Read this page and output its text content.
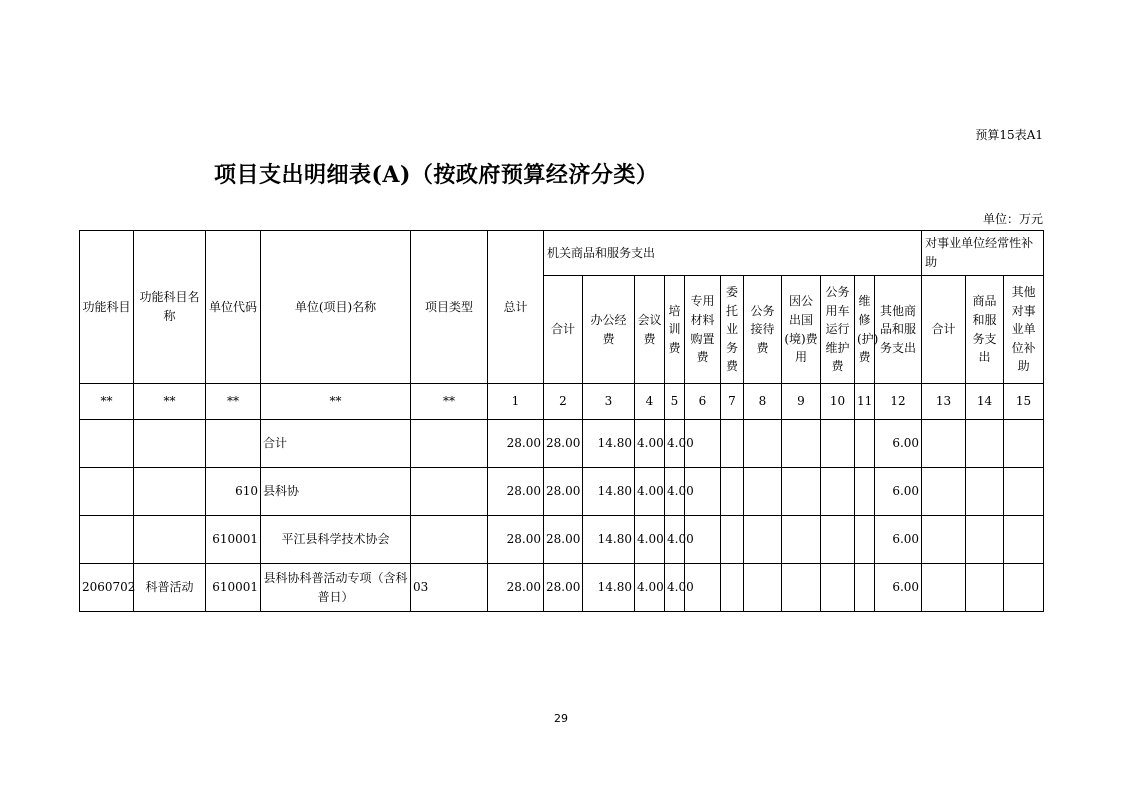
预算15表A1
项目支出明细表(A)（按政府预算经济分类）
单位：万元
功能科目	功能科目名称	单位代码	单位(项目)名称	项目类型	总计	机关商品和服务支出											对事业单位经常性补助		
						合计	办公经费	会议费	培训费	专用材料购置费	委托业务费	公务接待费	因公出国(境)费用	公务用车运行维护费	维修(护)费	其他商品和服务支出	合计	商品和服务支出	其他对事业单位补助
**	**	**	**	**	1	2	3	4	5	6	7	8	9	10	11	12	13	14	15
			合计		28.00	28.00	14.80	4.00	4.00							6.00			
		610	县科协		28.00	28.00	14.80	4.00	4.00							6.00			
		610001	平江县科学技术协会		28.00	28.00	14.80	4.00	4.00							6.00			
2060702	科普活动	610001	县科协科普活动专项（含科普日）	03	28.00	28.00	14.80	4.00	4.00							6.00			
29
